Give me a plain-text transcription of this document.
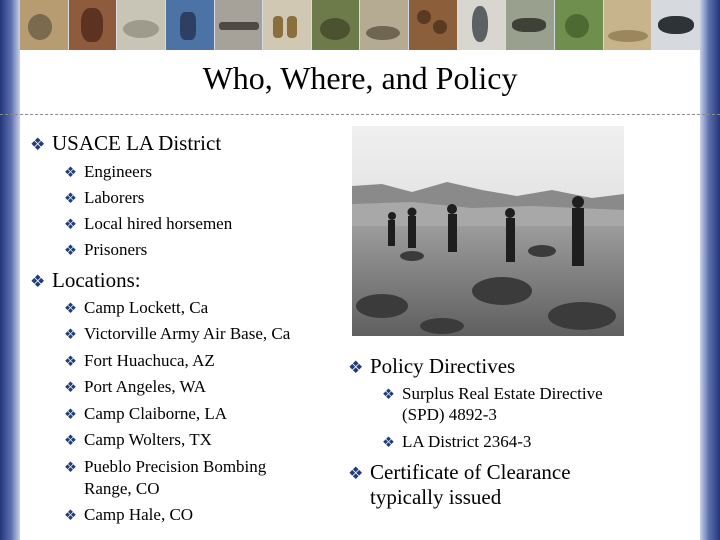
Who, Where, and Policy
❖ USACE LA District
❖ Engineers
❖ Laborers
❖ Local hired horsemen
❖ Prisoners
❖ Locations:
❖ Camp Lockett, Ca
❖ Victorville Army Air Base, Ca
❖ Fort Huachuca, AZ
❖ Port Angeles, WA
❖ Camp Claiborne, LA
❖ Camp Wolters, TX
❖ Pueblo Precision Bombing
Range, CO
❖ Camp Hale, CO
❖ Policy Directives
❖ Surplus Real Estate Directive
(SPD) 4892-3
❖ LA District 2364-3
❖ Certificate of Clearance
typically issued
